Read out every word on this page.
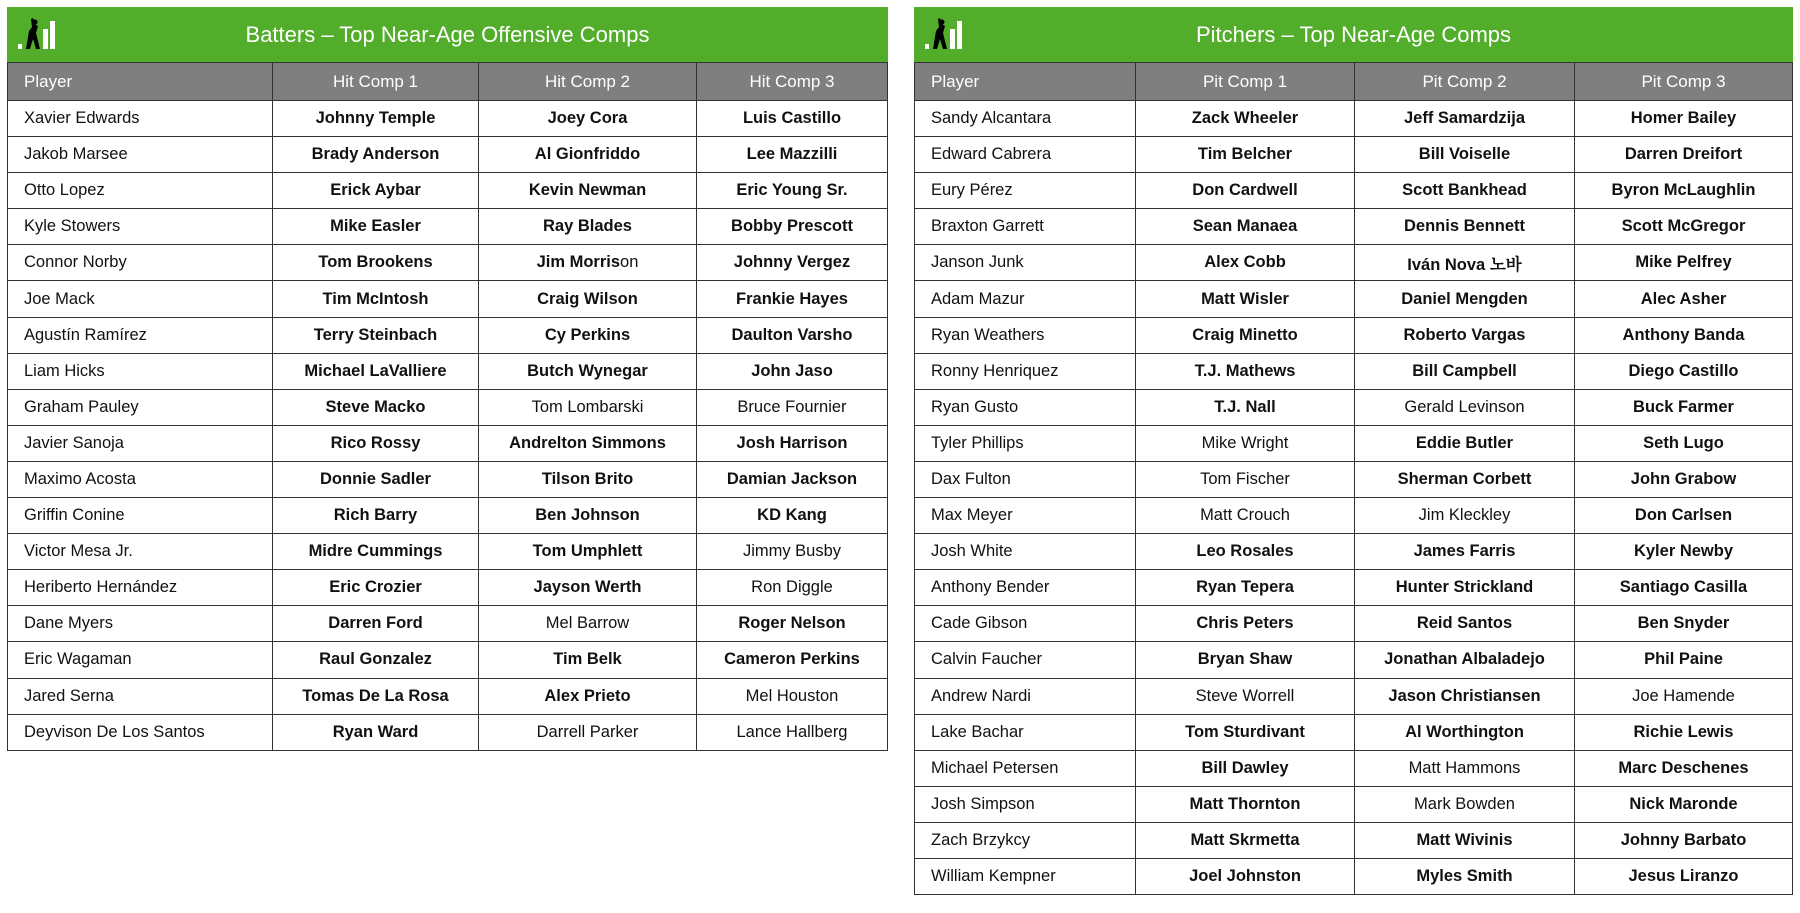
Batters – Top Near-Age Offensive Comps
Player	Hit Comp 1	Hit Comp 2	Hit Comp 3
Xavier Edwards	Johnny Temple	Joey Cora	Luis Castillo
Jakob Marsee	Brady Anderson	Al Gionfriddo	Lee Mazzilli
Otto Lopez	Erick Aybar	Kevin Newman	Eric Young Sr.
Kyle Stowers	Mike Easler	Ray Blades	Bobby Prescott
Connor Norby	Tom Brookens	Jim Morrison	Johnny Vergez
Joe Mack	Tim McIntosh	Craig Wilson	Frankie Hayes
Agustín Ramírez	Terry Steinbach	Cy Perkins	Daulton Varsho
Liam Hicks	Michael LaValliere	Butch Wynegar	John Jaso
Graham Pauley	Steve Macko	Tom Lombarski	Bruce Fournier
Javier Sanoja	Rico Rossy	Andrelton Simmons	Josh Harrison
Maximo Acosta	Donnie Sadler	Tilson Brito	Damian Jackson
Griffin Conine	Rich Barry	Ben Johnson	KD Kang
Victor Mesa Jr.	Midre Cummings	Tom Umphlett	Jimmy Busby
Heriberto Hernández	Eric Crozier	Jayson Werth	Ron Diggle
Dane Myers	Darren Ford	Mel Barrow	Roger Nelson
Eric Wagaman	Raul Gonzalez	Tim Belk	Cameron Perkins
Jared Serna	Tomas De La Rosa	Alex Prieto	Mel Houston
Deyvison De Los Santos	Ryan Ward	Darrell Parker	Lance Hallberg
Pitchers – Top Near-Age Comps
Player	Pit Comp 1	Pit Comp 2	Pit Comp 3
Sandy Alcantara	Zack Wheeler	Jeff Samardzija	Homer Bailey
Edward Cabrera	Tim Belcher	Bill Voiselle	Darren Dreifort
Eury Pérez	Don Cardwell	Scott Bankhead	Byron McLaughlin
Braxton Garrett	Sean Manaea	Dennis Bennett	Scott McGregor
Janson Junk	Alex Cobb	Iván Nova 노바	Mike Pelfrey
Adam Mazur	Matt Wisler	Daniel Mengden	Alec Asher
Ryan Weathers	Craig Minetto	Roberto Vargas	Anthony Banda
Ronny Henriquez	T.J. Mathews	Bill Campbell	Diego Castillo
Ryan Gusto	T.J. Nall	Gerald Levinson	Buck Farmer
Tyler Phillips	Mike Wright	Eddie Butler	Seth Lugo
Dax Fulton	Tom Fischer	Sherman Corbett	John Grabow
Max Meyer	Matt Crouch	Jim Kleckley	Don Carlsen
Josh White	Leo Rosales	James Farris	Kyler Newby
Anthony Bender	Ryan Tepera	Hunter Strickland	Santiago Casilla
Cade Gibson	Chris Peters	Reid Santos	Ben Snyder
Calvin Faucher	Bryan Shaw	Jonathan Albaladejo	Phil Paine
Andrew Nardi	Steve Worrell	Jason Christiansen	Joe Hamende
Lake Bachar	Tom Sturdivant	Al Worthington	Richie Lewis
Michael Petersen	Bill Dawley	Matt Hammons	Marc Deschenes
Josh Simpson	Matt Thornton	Mark Bowden	Nick Maronde
Zach Brzykcy	Matt Skrmetta	Matt Wivinis	Johnny Barbato
William Kempner	Joel Johnston	Myles Smith	Jesus Liranzo
